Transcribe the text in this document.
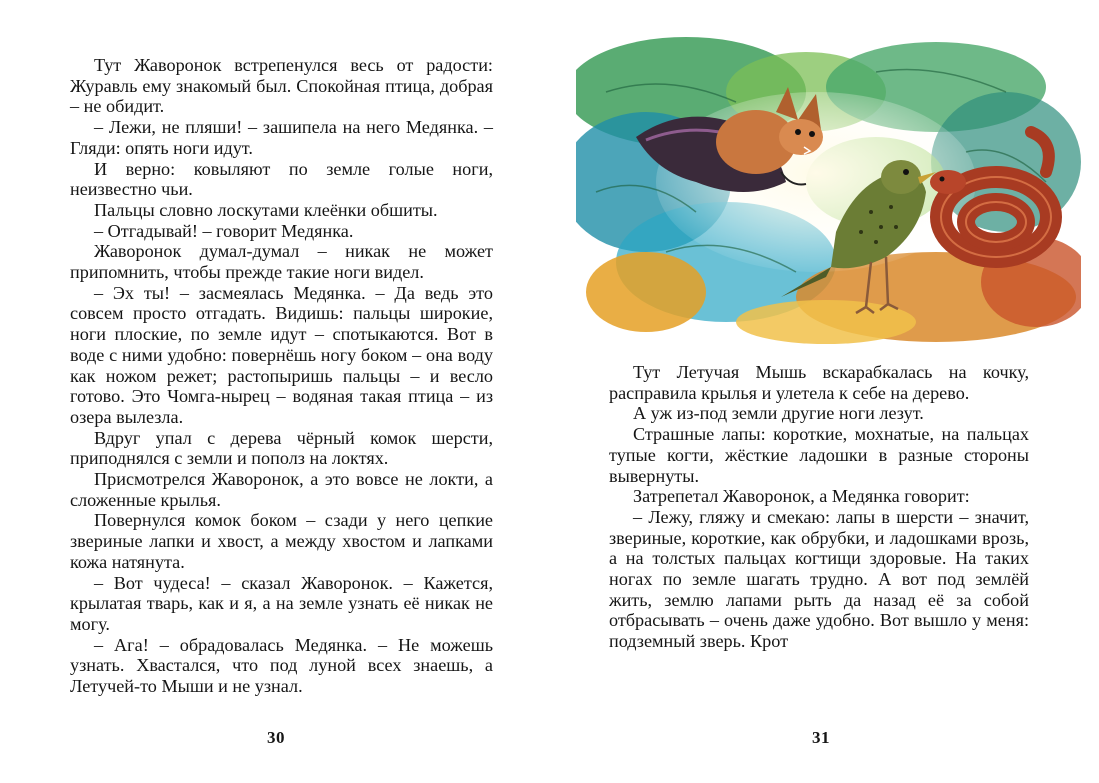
Тут Жаворонок встрепенулся весь от радости: Журавль ему знакомый был. Спокойная птица, добрая – не обидит.

– Лежи, не пляши! – зашипела на него Медянка. – Гляди: опять ноги идут.

И верно: ковыляют по земле голые ноги, неизвестно чьи.

Пальцы словно лоскутами клеёнки обшиты.

– Отгадывай! – говорит Медянка.

Жаворонок думал-думал – никак не может припомнить, чтобы прежде такие ноги видел.

– Эх ты! – засмеялась Медянка. – Да ведь это совсем просто отгадать. Видишь: пальцы широкие, ноги плоские, по земле идут – спотыкаются. Вот в воде с ними удобно: повернёшь ногу боком – она воду как ножом режет; растопыришь пальцы – и весло готово. Это Чомга-нырец – водяная такая птица – из озера вылезла.

Вдруг упал с дерева чёрный комок шерсти, приподнялся с земли и пополз на локтях.

Присмотрелся Жаворонок, а это вовсе не локти, а сложенные крылья.

Повернулся комок боком – сзади у него цепкие звериные лапки и хвост, а между хвостом и лапками кожа натянута.

– Вот чудеса! – сказал Жаворонок. – Кажется, крылатая тварь, как и я, а на земле узнать её никак не могу.

– Ага! – обрадовалась Медянка. – Не можешь узнать. Хвастался, что под луной всех знаешь, а Летучей-то Мыши и не узнал.

30

Тут Летучая Мышь вскарабкалась на кочку, расправила крылья и улетела к себе на дерево.

А уж из-под земли другие ноги лезут.

Страшные лапы: короткие, мохнатые, на пальцах тупые когти, жёсткие ладошки в разные стороны вывернуты.

Затрепетал Жаворонок, а Медянка говорит:

– Лежу, гляжу и смекаю: лапы в шерсти – значит, звериные, короткие, как обрубки, и ладошками врозь, а на толстых пальцах когтищи здоровые. На таких ногах по земле шагать трудно. А вот под землёй жить, землю лапами рыть да назад её за собой отбрасывать – очень даже удобно. Вот вышло у меня: подземный зверь. Крот

31
